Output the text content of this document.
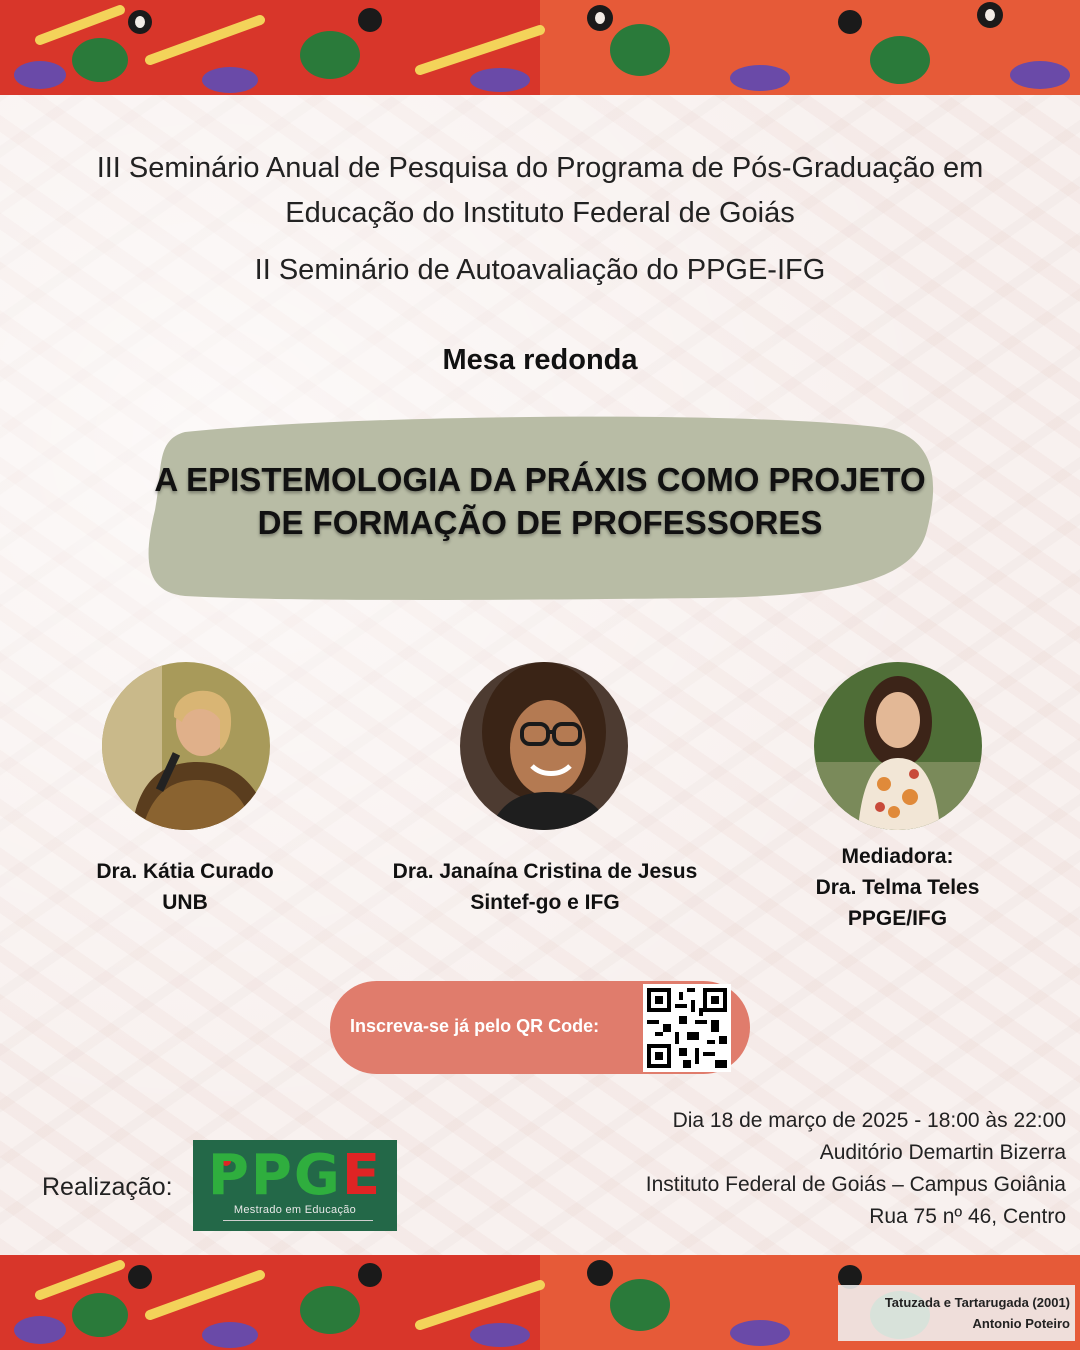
III Seminário Anual de Pesquisa do Programa de Pós-Graduação em
Educação do Instituto Federal de Goiás
II Seminário de Autoavaliação do PPGE-IFG
Mesa redonda
A EPISTEMOLOGIA DA PRÁXIS COMO PROJETO
DE FORMAÇÃO DE PROFESSORES
Dra. Kátia Curado
UNB
Dra. Janaína Cristina de Jesus
Sintef-go e IFG
Mediadora:
Dra. Telma Teles
PPGE/IFG
Inscreva-se já pelo QR Code:
Dia 18 de março de 2025 - 18:00 às 22:00
Auditório Demartin Bizerra
Instituto Federal de Goiás – Campus Goiânia
Rua 75 nº 46, Centro
Realização: PPGE
Mestrado em Educação
Tatuzada e Tartarugada (2001)
Antonio Poteiro
